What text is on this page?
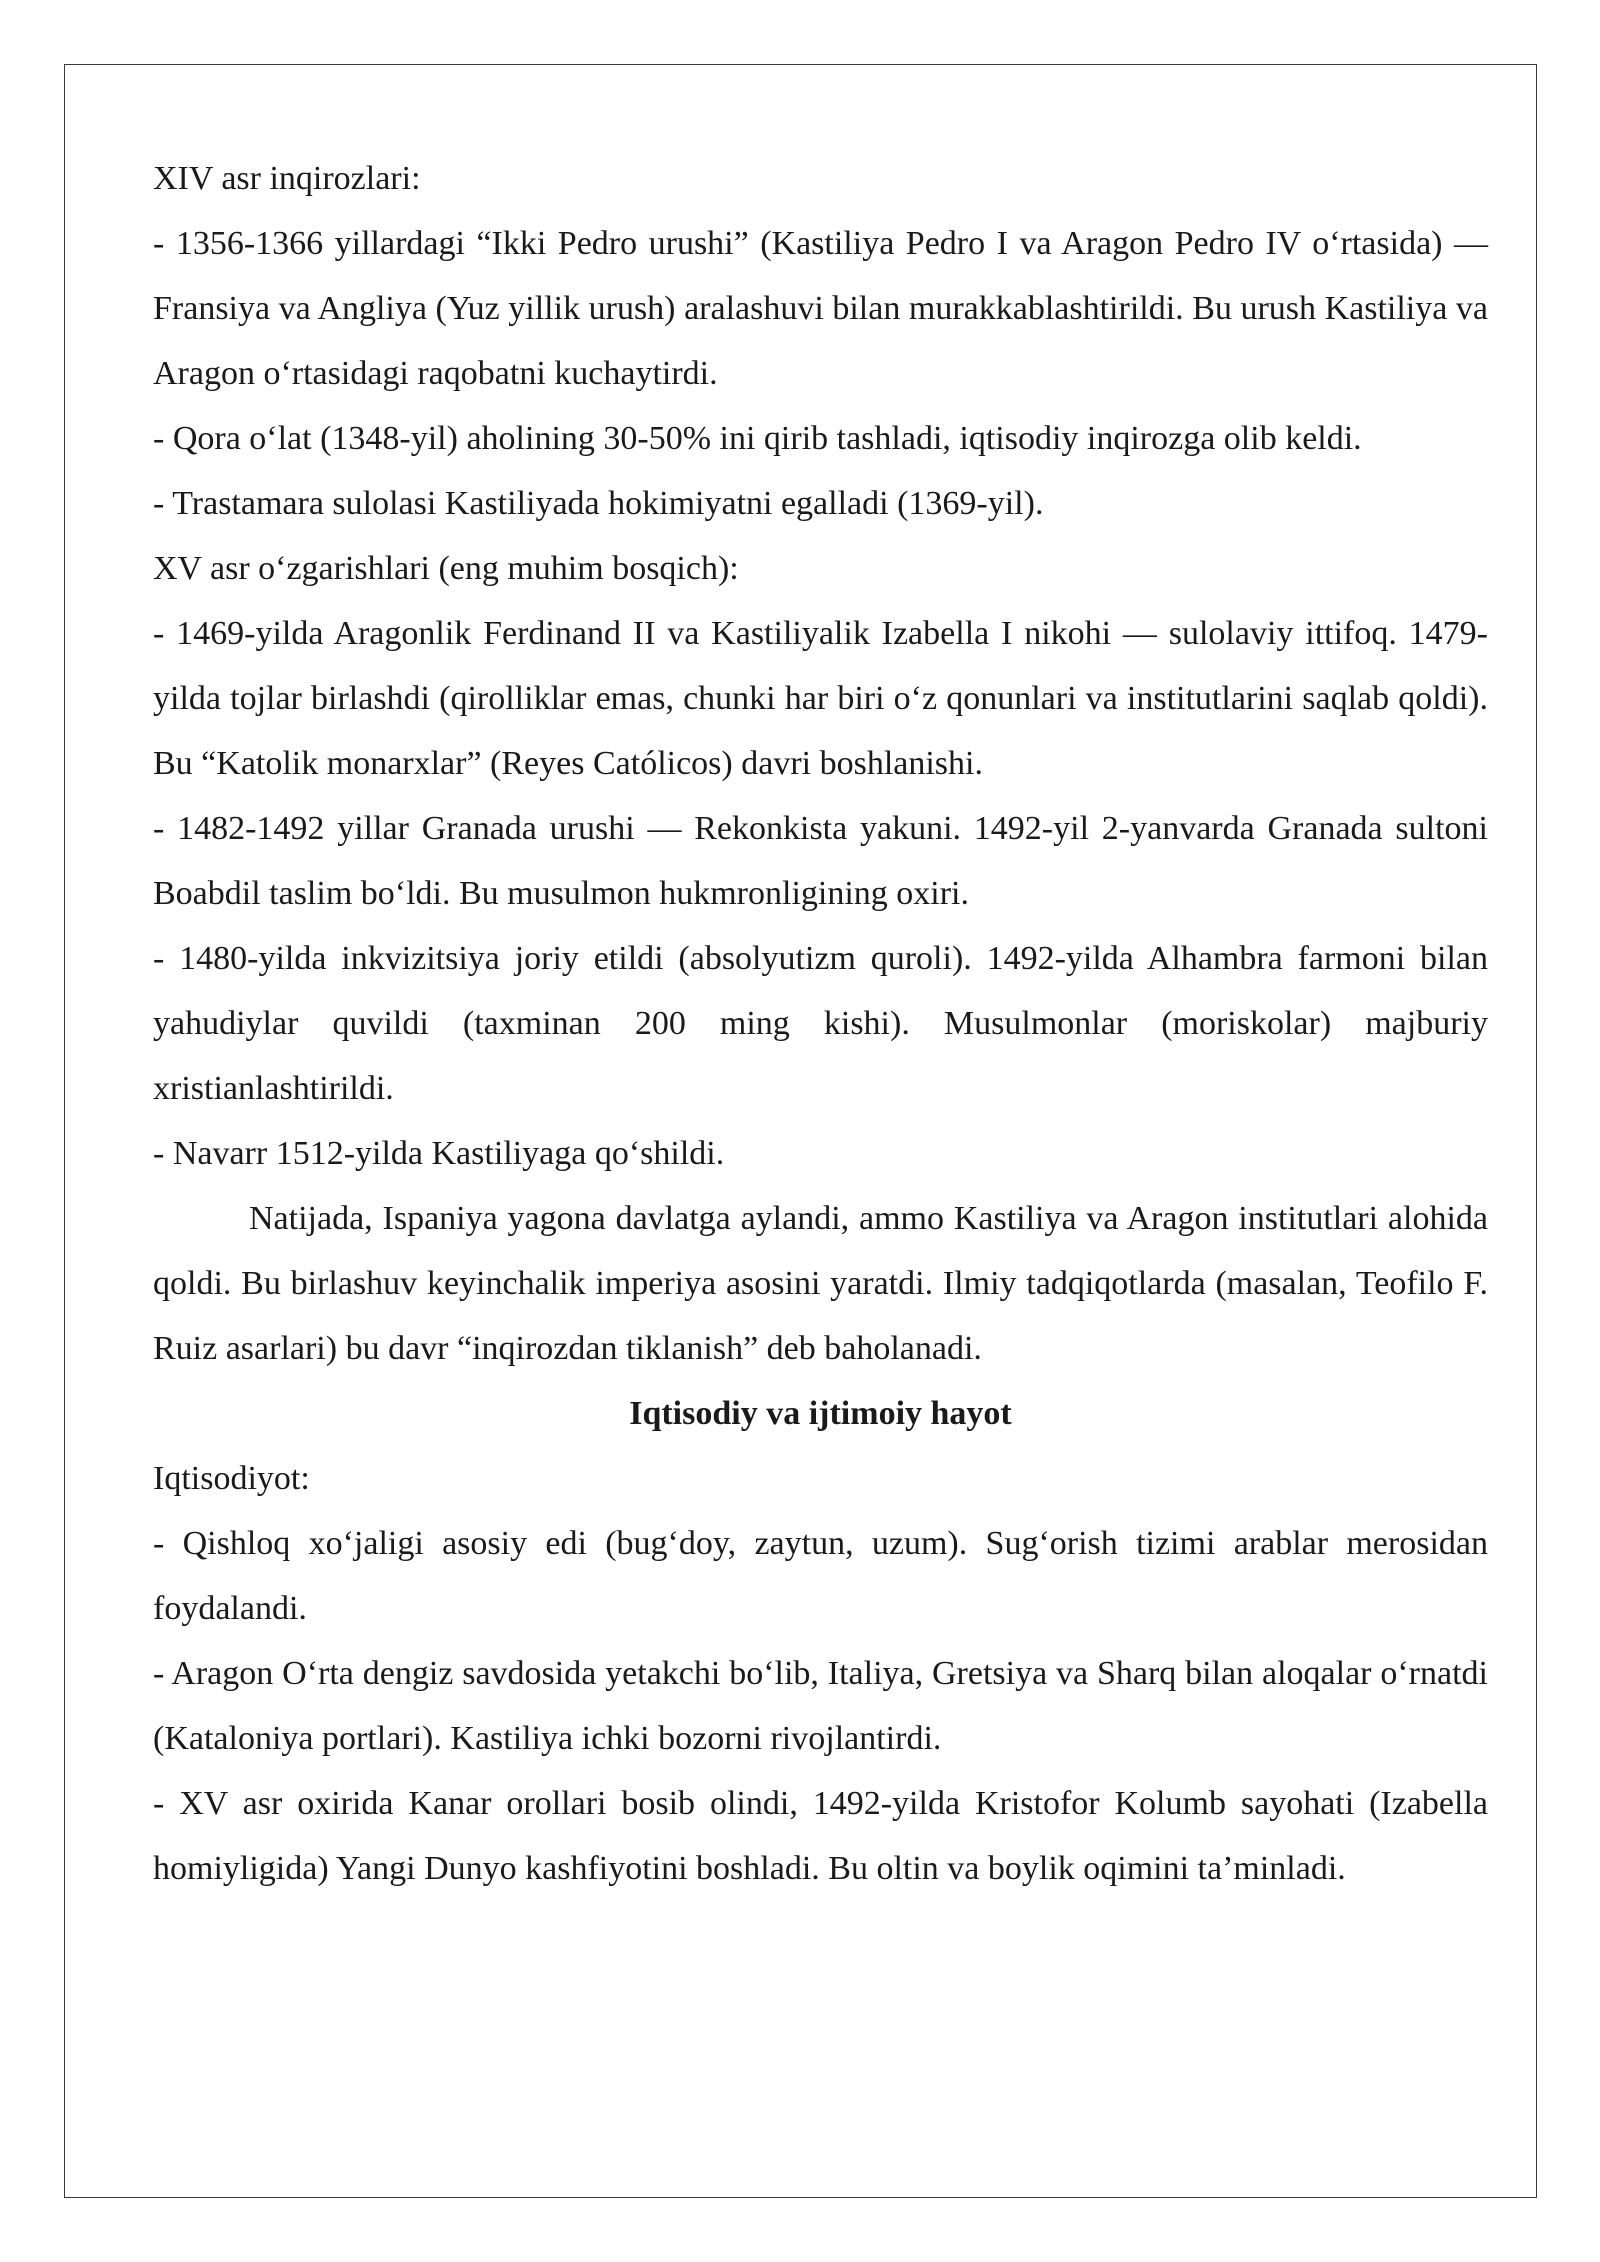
XIV asr inqirozlari:

- 1356-1366 yillardagi “Ikki Pedro urushi” (Kastiliya Pedro I va Aragon Pedro IV o‘rtasida) — Fransiya va Angliya (Yuz yillik urush) aralashuvi bilan murakkablashtirildi. Bu urush Kastiliya va Aragon o‘rtasidagi raqobatni kuchaytirdi.

- Qora o‘lat (1348-yil) aholining 30-50% ini qirib tashladi, iqtisodiy inqirozga olib keldi.

- Trastamara sulolasi Kastiliyada hokimiyatni egalladi (1369-yil).

XV asr o‘zgarishlari (eng muhim bosqich):

- 1469-yilda Aragonlik Ferdinand II va Kastiliyalik Izabella I nikohi — sulolaviy ittifoq. 1479-yilda tojlar birlashdi (qirolliklar emas, chunki har biri o‘z qonunlari va institutlarini saqlab qoldi). Bu “Katolik monarxlar” (Reyes Católicos) davri boshlanishi.

- 1482-1492 yillar Granada urushi — Rekonkista yakuni. 1492-yil 2-yanvarda Granada sultoni Boabdil taslim bo‘ldi. Bu musulmon hukmronligining oxiri.

- 1480-yilda inkvizitsiya joriy etildi (absolyutizm quroli). 1492-yilda Alhambra farmoni bilan yahudiylar quvildi (taxminan 200 ming kishi). Musulmonlar (moriskolar) majburiy xristianlashtirildi.

- Navarr 1512-yilda Kastiliyaga qo‘shildi.

Natijada, Ispaniya yagona davlatga aylandi, ammo Kastiliya va Aragon institutlari alohida qoldi. Bu birlashuv keyinchalik imperiya asosini yaratdi. Ilmiy tadqiqotlarda (masalan, Teofilo F. Ruiz asarlari) bu davr “inqirozdan tiklanish” deb baholanadi.

Iqtisodiy va ijtimoiy hayot

Iqtisodiyot:

- Qishloq xo‘jaligi asosiy edi (bug‘doy, zaytun, uzum). Sug‘orish tizimi arablar merosidan foydalandi.

- Aragon O‘rta dengiz savdosida yetakchi bo‘lib, Italiya, Gretsiya va Sharq bilan aloqalar o‘rnatdi (Kataloniya portlari). Kastiliya ichki bozorni rivojlantirdi.

- XV asr oxirida Kanar orollari bosib olindi, 1492-yilda Kristofor Kolumb sayohati (Izabella homiyligida) Yangi Dunyo kashfiyotini boshladi. Bu oltin va boylik oqimini ta’minladi.
